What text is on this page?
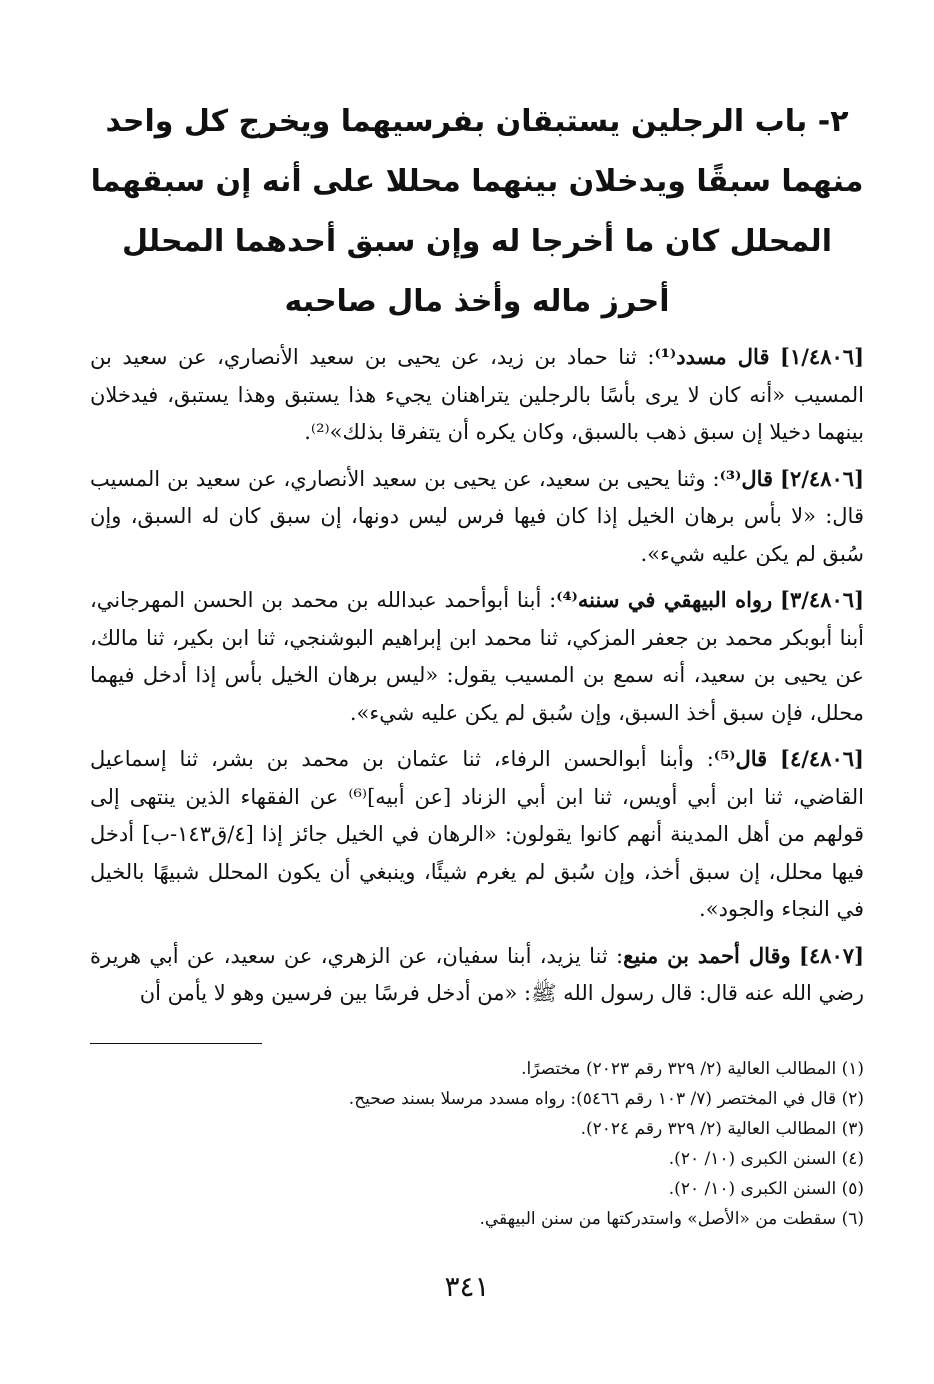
٢- باب الرجلين يستبقان بفرسيهما ويخرج كل واحد منهما سبقًا ويدخلان بينهما محللا على أنه إن سبقهما المحلل كان ما أخرجا له وإن سبق أحدهما المحلل أحرز ماله وأخذ مال صاحبه

[١/٤٨٠٦] قال مسدد⁽¹⁾: ثنا حماد بن زيد، عن يحيى بن سعيد الأنصاري، عن سعيد بن المسيب «أنه كان لا يرى بأسًا بالرجلين يتراهنان يجيء هذا يستبق وهذا يستبق، فيدخلان بينهما دخيلا إن سبق ذهب بالسبق، وكان يكره أن يتفرقا بذلك»⁽²⁾.

[٢/٤٨٠٦] قال⁽³⁾: وثنا يحيى بن سعيد، عن يحيى بن سعيد الأنصاري، عن سعيد بن المسيب قال: «لا بأس برهان الخيل إذا كان فيها فرس ليس دونها، إن سبق كان له السبق، وإن سُبق لم يكن عليه شيء».

[٣/٤٨٠٦] رواه البيهقي في سننه⁽⁴⁾: أبنا أبوأحمد عبدالله بن محمد بن الحسن المهرجاني، أبنا أبوبكر محمد بن جعفر المزكي، ثنا محمد ابن إبراهيم البوشنجي، ثنا ابن بكير، ثنا مالك، عن يحيى بن سعيد، أنه سمع بن المسيب يقول: «ليس برهان الخيل بأس إذا أدخل فيهما محلل، فإن سبق أخذ السبق، وإن سُبق لم يكن عليه شيء».

[٤/٤٨٠٦] قال⁽⁵⁾: وأبنا أبوالحسن الرفاء، ثنا عثمان بن محمد بن بشر، ثنا إسماعيل القاضي، ثنا ابن أبي أويس، ثنا ابن أبي الزناد [عن أبيه]⁽⁶⁾ عن الفقهاء الذين ينتهى إلى قولهم من أهل المدينة أنهم كانوا يقولون: «الرهان في الخيل جائز إذا [٤/ق١٤٣-ب] أدخل فيها محلل، إن سبق أخذ، وإن سُبق لم يغرم شيئًا، وينبغي أن يكون المحلل شبيهًا بالخيل في النجاء والجود».

[٤٨٠٧] وقال أحمد بن منيع: ثنا يزيد، أبنا سفيان، عن الزهري، عن سعيد، عن أبي هريرة رضي الله عنه قال: قال رسول الله ﷺ: «من أدخل فرسًا بين فرسين وهو لا يأمن أن

(١) المطالب العالية (٢/ ٣٢٩ رقم ٢٠٢٣) مختصرًا.
(٢) قال في المختصر (٧/ ١٠٣ رقم ٥٤٦٦): رواه مسدد مرسلا بسند صحيح.
(٣) المطالب العالية (٢/ ٣٢٩ رقم ٢٠٢٤).
(٤) السنن الكبرى (١٠/ ٢٠).
(٥) السنن الكبرى (١٠/ ٢٠).
(٦) سقطت من «الأصل» واستدركتها من سنن البيهقي.
٣٤١
